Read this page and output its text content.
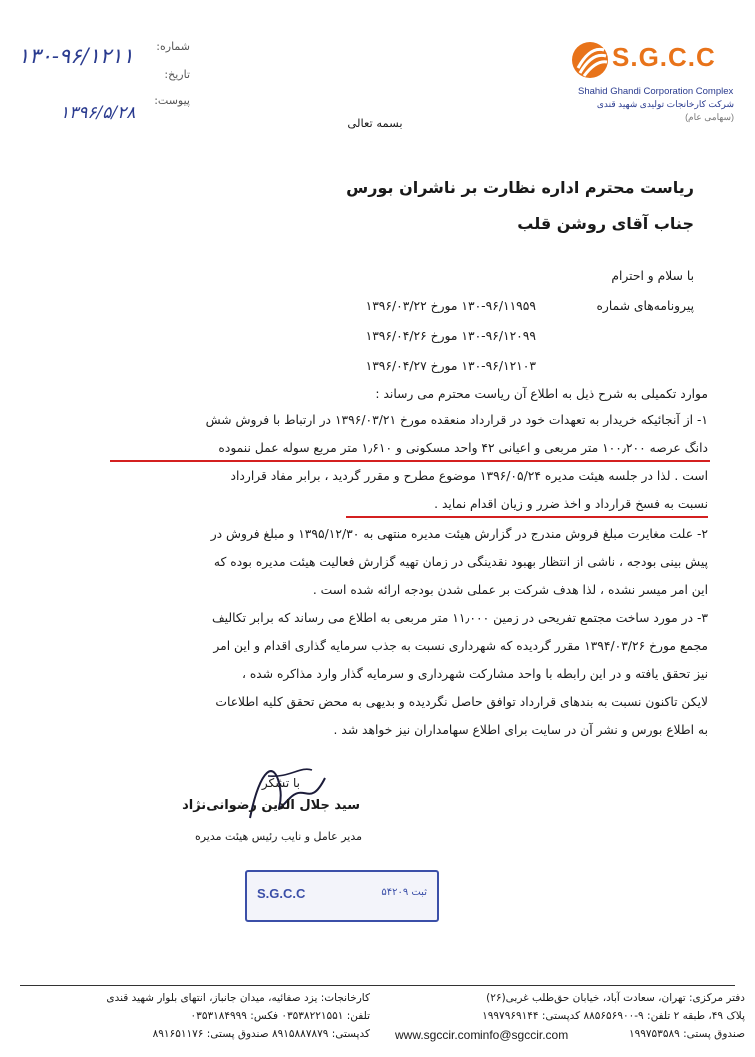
شماره:
تاریخ:
پیوست:
۱۳۰-۹۶/۱۲۱۱
۱۳۹۶/۵/۲۸
S.G.C.C
Shahid Ghandi Corporation Complex
شرکت کارخانجات تولیدی شهید قندی
(سهامی عام)
بسمه تعالی
ریاست محترم اداره نظارت بر ناشران بورس
جناب آقای روشن قلب
با سلام و احترام
پیرونامه‌های شماره
۱۳۰-۹۶/۱۱۹۵۹ مورخ ۱۳۹۶/۰۳/۲۲
۱۳۰-۹۶/۱۲۰۹۹ مورخ ۱۳۹۶/۰۴/۲۶
۱۳۰-۹۶/۱۲۱۰۳ مورخ ۱۳۹۶/۰۴/۲۷
موارد تکمیلی به شرح ذیل به اطلاع آن ریاست محترم می رساند :
۱- از آنجائیکه خریدار به تعهدات خود در قرارداد منعقده مورخ ۱۳۹۶/۰۳/۲۱ در ارتباط با فروش شش
دانگ عرصه ۱۰۰٫۲۰۰ متر مربعی و اعیانی ۴۲ واحد مسکونی و ۱٫۶۱۰ متر مربع سوله عمل ننموده
است . لذا در جلسه هیئت مدیره ۱۳۹۶/۰۵/۲۴ موضوع مطرح و مقرر گردید ، برابر مفاد قرارداد
نسبت به فسخ قرارداد و اخذ ضرر و زیان اقدام نماید .
۲- علت مغایرت مبلغ فروش مندرج در گزارش هیئت مدیره منتهی به ۱۳۹۵/۱۲/۳۰ و مبلغ فروش در
پیش بینی بودجه ، ناشی از انتظار بهبود نقدینگی در زمان تهیه گزارش فعالیت هیئت مدیره بوده که
این امر میسر نشده ، لذا هدف شرکت بر عملی شدن بودجه ارائه شده است .
۳- در مورد ساخت مجتمع تفریحی در زمین ۱۱٫۰۰۰ متر مربعی به اطلاع می رساند که برابر تکالیف
مجمع مورخ ۱۳۹۴/۰۳/۲۶ مقرر گردیده که شهرداری نسبت به جذب سرمایه گذاری اقدام و این امر
نیز تحقق یافته و در این رابطه با واحد مشارکت شهرداری و سرمایه گذار وارد مذاکره شده ،
لایکن تاکنون نسبت به بندهای قرارداد توافق حاصل نگردیده و بدیهی به محض تحقق کلیه اطلاعات
به اطلاع بورس و نشر آن در سایت برای اطلاع سهامداران نیز خواهد شد .
با تشکر
سید جلال الدین رضوانی‌نژاد
مدیر عامل و نایب رئیس هیئت مدیره
S.G.C.C	ثبت ۵۴۲۰۹
دفتر مرکزی: تهران، سعادت آباد، خیابان حق‌طلب غربی(۲۶)
پلاک ۴۹، طبقه ۲ تلفن: ۹-۸۸۵۶۵۶۹۰۰ کدپستی: ۱۹۹۷۹۶۹۱۴۴
صندوق پستی: ۱۹۹۷۵۳۵۸۹
www.sgccir.com info@sgccir.com
کارخانجات: یزد صفائیه، میدان جانباز، انتهای بلوار شهید قندی
تلفن: ۰۳۵۳۸۲۲۱۵۵۱ فکس: ۰۳۵۳۱۸۴۹۹۹
کدپستی: ۸۹۱۵۸۸۷۸۷۹ صندوق پستی: ۸۹۱۶۵۱۱۷۶
